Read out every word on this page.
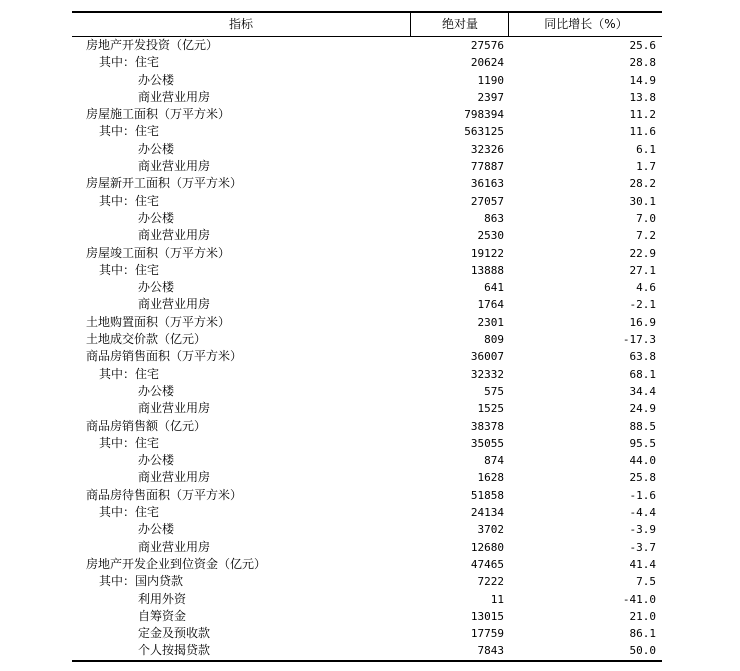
指标	绝对量	同比增长（%）
房地产开发投资（亿元）	27576	25.6
其中：住宅	20624	28.8
办公楼	1190	14.9
商业营业用房	2397	13.8
房屋施工面积（万平方米）	798394	11.2
其中：住宅	563125	11.6
办公楼	32326	6.1
商业营业用房	77887	1.7
房屋新开工面积（万平方米）	36163	28.2
其中：住宅	27057	30.1
办公楼	863	7.0
商业营业用房	2530	7.2
房屋竣工面积（万平方米）	19122	22.9
其中：住宅	13888	27.1
办公楼	641	4.6
商业营业用房	1764	-2.1
土地购置面积（万平方米）	2301	16.9
土地成交价款（亿元）	809	-17.3
商品房销售面积（万平方米）	36007	63.8
其中：住宅	32332	68.1
办公楼	575	34.4
商业营业用房	1525	24.9
商品房销售额（亿元）	38378	88.5
其中：住宅	35055	95.5
办公楼	874	44.0
商业营业用房	1628	25.8
商品房待售面积（万平方米）	51858	-1.6
其中：住宅	24134	-4.4
办公楼	3702	-3.9
商业营业用房	12680	-3.7
房地产开发企业到位资金（亿元）	47465	41.4
其中：国内贷款	7222	7.5
利用外资	11	-41.0
自筹资金	13015	21.0
定金及预收款	17759	86.1
个人按揭贷款	7843	50.0
